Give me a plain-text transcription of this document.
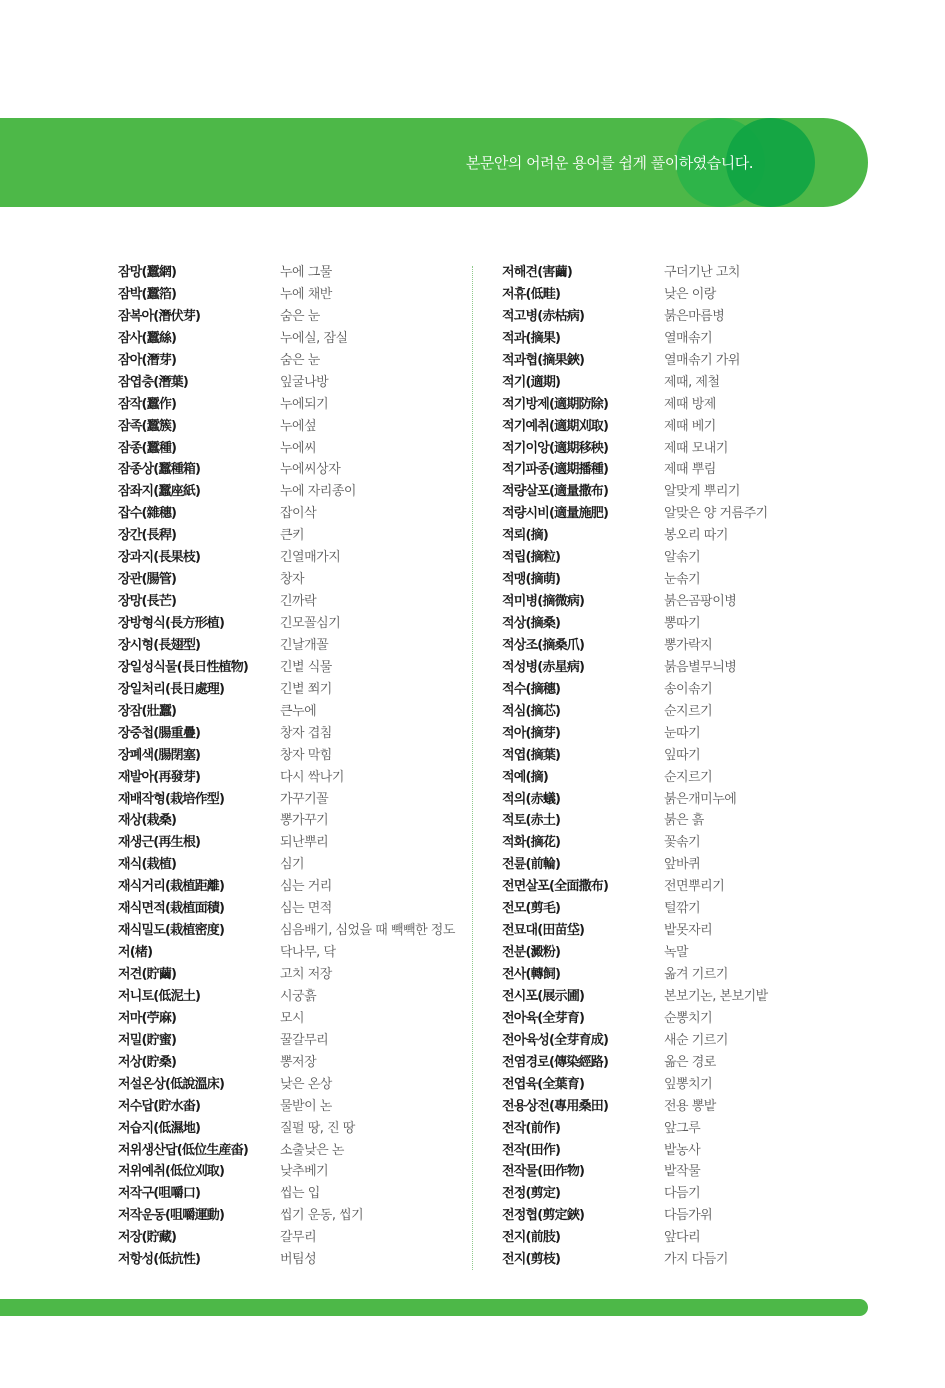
본문안의 어려운 용어를 쉽게 풀이하였습니다.
잠망(蠶網)	누에 그물
잠박(蠶箔)	누에 채반
잠복아(潛伏芽)	숨은 눈
잠사(蠶絲)	누에실, 잠실
잠아(潛芽)	숨은 눈
잠엽충(潛葉)	잎굴나방
잠작(蠶作)	누에되기
잠족(蠶簇)	누에섶
잠종(蠶種)	누에씨
잠종상(蠶種箱)	누에씨상자
잠좌지(蠶座紙)	누에 자리종이
잡수(雜穗)	잡이삭
장간(長稈)	큰키
장과지(長果枝)	긴열매가지
장관(腸管)	창자
장망(長芒)	긴까락
장방형식(長方形植)	긴모꼴심기
장시형(長翅型)	긴날개꼴
장일성식물(長日性植物) 긴볕 식물
장일처리(長日處理)	긴볕 쬐기
장잠(壯蠶)	큰누에
장중첩(腸重疊)	창자 겹침
장폐색(腸閉塞)	창자 막힘
재발아(再發芽)	다시 싹나기
재배작형(栽培作型)	가꾸기꼴
재상(栽桑)	뽕가꾸기
재생근(再生根)	되난뿌리
재식(栽植)	심기
재식거리(栽植距離)	심는 거리
재식면적(栽植面積)	심는 면적
재식밀도(栽植密度)	심음배기, 심었을 때 빽빽한 정도
저(楮)	닥나무, 닥
저견(貯繭)	고치 저장
저니토(低泥土)	시궁흙
저마(苧麻)	모시
저밀(貯蜜)	꿀갈무리
저상(貯桑)	뽕저장
저설온상(低說溫床)	낮은 온상
저수답(貯水畓)	물받이 논
저습지(低濕地)	질펄 땅, 진 땅
저위생산답(低位生産畓) 소출낮은 논
저위예취(低位刈取)	낮추베기
저작구(咀嚼口)	씹는 입
저작운동(咀嚼運動)	씹기 운동, 씹기
저장(貯藏)	갈무리
저항성(低抗性)	버팀성
저해견(害繭)	구더기난 고치
저휴(低畦)	낮은 이랑
적고병(赤枯病)	붉은마름병
적과(摘果)	열매솎기
적과협(摘果鋏)	열매솎기 가위
적기(適期)	제때, 제철
적기방제(適期防除)	제때 방제
적기예취(適期刈取)	제때 베기
적기이앙(適期移秧)	제때 모내기
적기파종(適期播種)	제때 뿌림
적량살포(適量撒布)	알맞게 뿌리기
적량시비(適量施肥)	알맞은 양 거름주기
적뢰(摘)	봉오리 따기
적립(摘粒)	알솎기
적맹(摘萌)	눈솎기
적미병(摘微病)	붉은곰팡이병
적상(摘桑)	뽕따기
적상조(摘桑爪)	뽕가락지
적성병(赤星病)	붉음별무늬병
적수(摘穗)	송이솎기
적심(摘芯)	순지르기
적아(摘芽)	눈따기
적엽(摘葉)	잎따기
적예(摘)	순지르기
적의(赤蟻)	붉은개미누에
적토(赤土)	붉은 흙
적화(摘花)	꽃솎기
전륜(前輪)	앞바퀴
전면살포(全面撒布)	전면뿌리기
전모(剪毛)	털깎기
전묘대(田苗垈)	밭못자리
전분(澱粉)	녹말
전사(轉飼)	옮겨 기르기
전시포(展示圃)	본보기논, 본보기밭
전아육(全芽育)	순뽕치기
전아육성(全芽育成)	새순 기르기
전염경로(傳染經路)	옮은 경로
전엽육(全葉育)	잎뽕치기
전용상전(專用桑田)	전용 뽕밭
전작(前作)	앞그루
전작(田作)	밭농사
전작물(田作物)	밭작물
전정(剪定)	다듬기
전정협(剪定鋏)	다듬가위
전지(前肢)	앞다리
전지(剪枝)	가지 다듬기
